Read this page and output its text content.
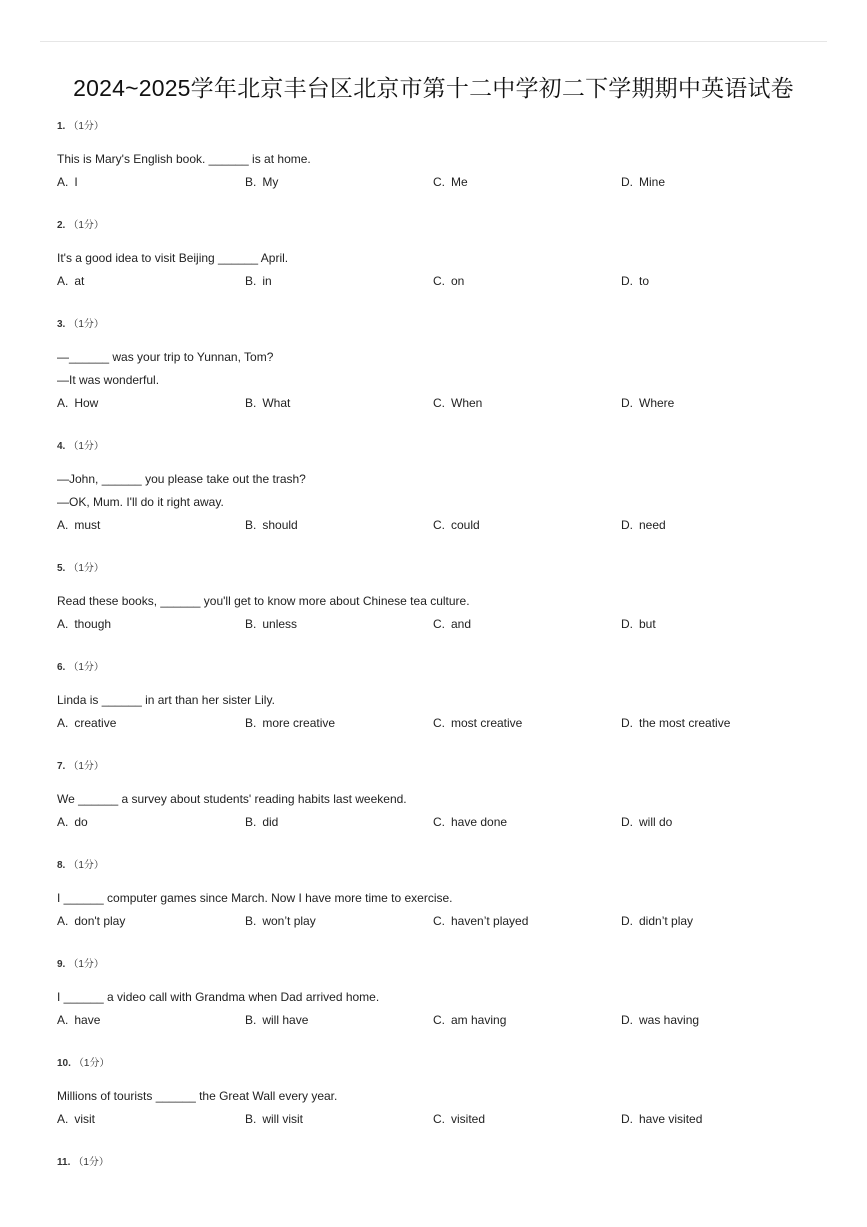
2024~2025学年北京丰台区北京市第十二中学初二下学期期中英语试卷
1. （1分）
This is Mary's English book. ______ is at home.
A. I	B. My	C. Me	D. Mine
2. （1分）
It's a good idea to visit Beijing ______ April.
A. at	B. in	C. on	D. to
3. （1分）
—______ was your trip to Yunnan, Tom?
—It was wonderful.
A. How	B. What	C. When	D. Where
4. （1分）
—John, ______ you please take out the trash?
—OK, Mum. I'll do it right away.
A. must	B. should	C. could	D. need
5. （1分）
Read these books, ______ you'll get to know more about Chinese tea culture.
A. though	B. unless	C. and	D. but
6. （1分）
Linda is ______ in art than her sister Lily.
A. creative	B. more creative	C. most creative	D. the most creative
7. （1分）
We ______ a survey about students' reading habits last weekend.
A. do	B. did	C. have done	D. will do
8. （1分）
I ______ computer games since March. Now I have more time to exercise.
A. don't play	B. won’t play	C. haven’t played	D. didn’t play
9. （1分）
I ______ a video call with Grandma when Dad arrived home.
A. have	B. will have	C. am having	D. was having
10. （1分）
Millions of tourists ______ the Great Wall every year.
A. visit	B. will visit	C. visited	D. have visited
11. （1分）
